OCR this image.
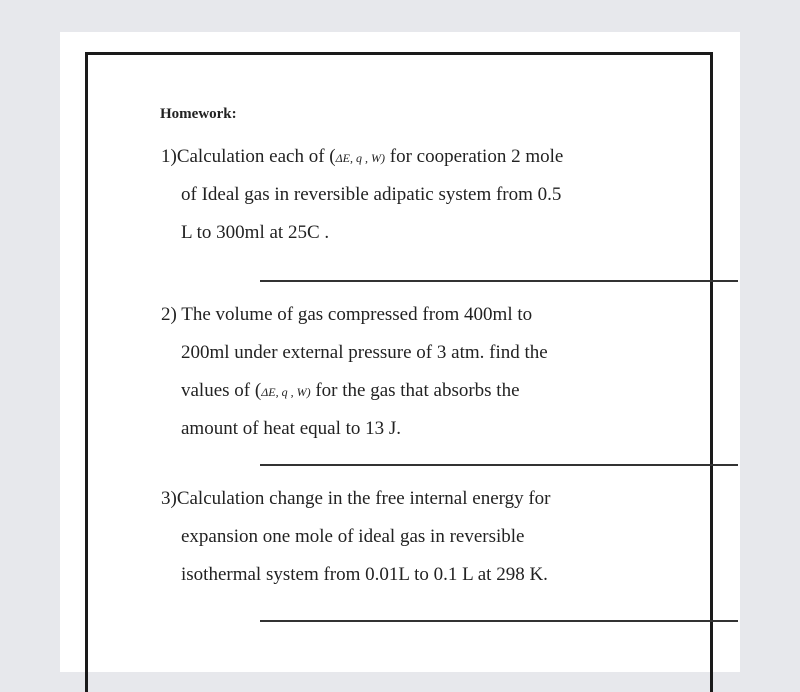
Homework:
1)Calculation each of (ΔE, q , W) for cooperation 2 mole
of Ideal gas in reversible adipatic system from 0.5
L to 300ml at 25C .
2) The volume of gas compressed from 400ml to
200ml under external pressure of 3 atm. find the
values of (ΔE, q , W) for the gas that absorbs the
amount of heat equal to 13 J.
3)Calculation change in the free internal energy for
expansion one mole of ideal gas in reversible
isothermal system from 0.01L to 0.1 L at 298 K.
